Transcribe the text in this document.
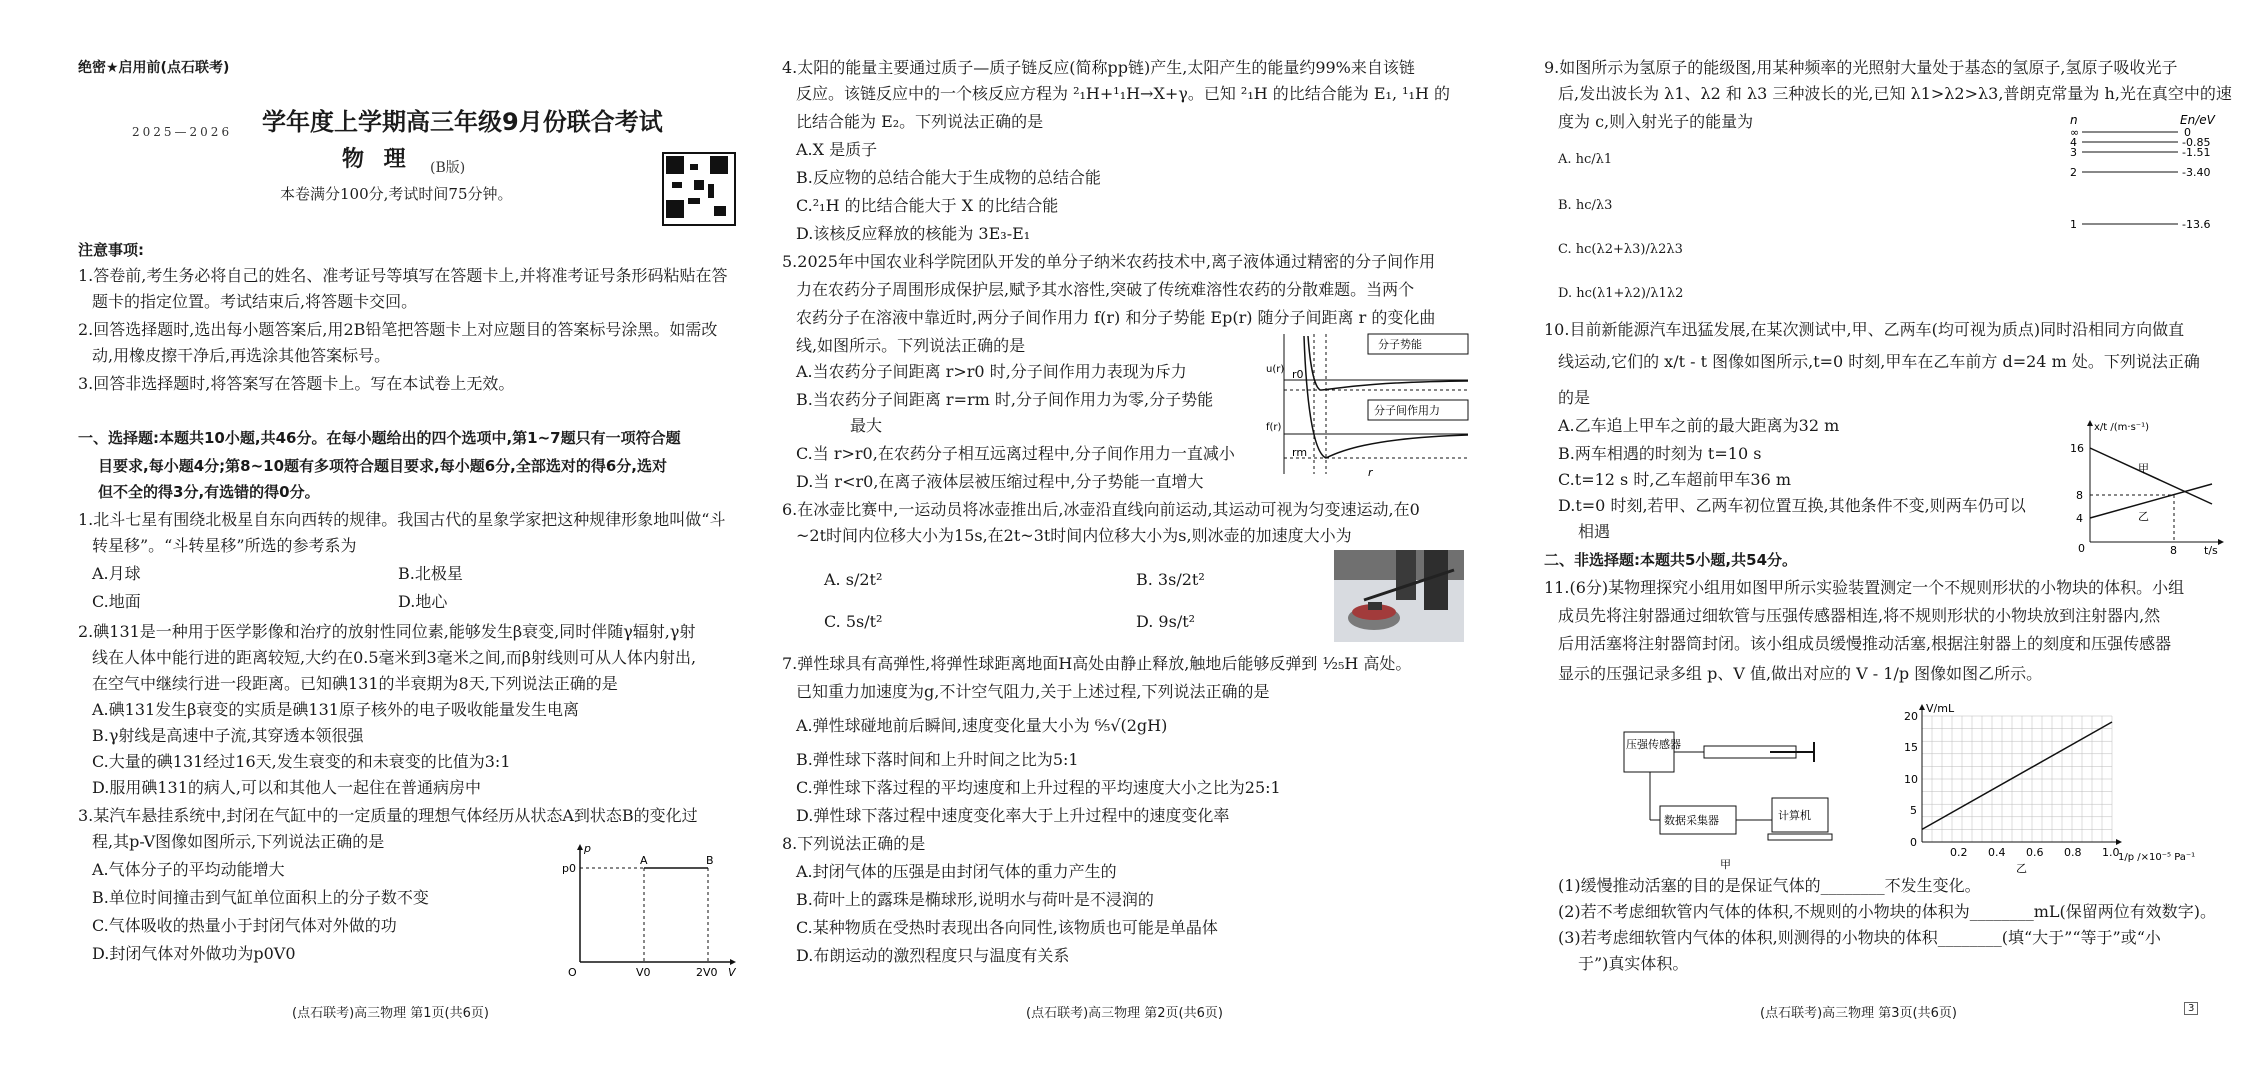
绝密★启用前(点石联考)
2025—2026 学年度上学期高三年级9月份联合考试
物 理 (B版)
本卷满分100分,考试时间75分钟。
注意事项:
1.答卷前,考生务必将自己的姓名、准考证号等填写在答题卡上,并将准考证号条形码粘贴在答
题卡的指定位置。考试结束后,将答题卡交回。
2.回答选择题时,选出每小题答案后,用2B铅笔把答题卡上对应题目的答案标号涂黑。如需改
动,用橡皮擦干净后,再选涂其他答案标号。
3.回答非选择题时,将答案写在答题卡上。写在本试卷上无效。
一、选择题:本题共10小题,共46分。在每小题给出的四个选项中,第1~7题只有一项符合题
目要求,每小题4分;第8~10题有多项符合题目要求,每小题6分,全部选对的得6分,选对
但不全的得3分,有选错的得0分。
1.北斗七星有围绕北极星自东向西转的规律。我国古代的星象学家把这种规律形象地叫做“斗
转星移”。“斗转星移”所选的参考系为
A.月球	B.北极星
C.地面	D.地心
2.碘131是一种用于医学影像和治疗的放射性同位素,能够发生β衰变,同时伴随γ辐射,γ射
线在人体中能行进的距离较短,大约在0.5毫米到3毫米之间,而β射线则可从人体内射出,
在空气中继续行进一段距离。已知碘131的半衰期为8天,下列说法正确的是
A.碘131发生β衰变的实质是碘131原子核外的电子吸收能量发生电离
B.γ射线是高速中子流,其穿透本领很强
C.大量的碘131经过16天,发生衰变的和未衰变的比值为3:1
D.服用碘131的病人,可以和其他人一起住在普通病房中
3.某汽车悬挂系统中,封闭在气缸中的一定质量的理想气体经历从状态A到状态B的变化过
程,其p-V图像如图所示,下列说法正确的是
A.气体分子的平均动能增大
B.单位时间撞击到气缸单位面积上的分子数不变
C.气体吸收的热量小于封闭气体对外做的功
D.封闭气体对外做功为p0V0
p
V
p0
V0	2V0
A	B
O
(点石联考)高三物理 第1页(共6页)
4.太阳的能量主要通过质子—质子链反应(简称pp链)产生,太阳产生的能量约99%来自该链
反应。该链反应中的一个核反应方程为 ²₁H+¹₁H→X+γ。已知 ²₁H 的比结合能为 E₁, ¹₁H 的
比结合能为 E₂。下列说法正确的是
A.X 是质子
B.反应物的总结合能大于生成物的总结合能
C.²₁H 的比结合能大于 X 的比结合能
D.该核反应释放的核能为 3E₃-E₁
5.2025年中国农业科学院团队开发的单分子纳米农药技术中,离子液体通过精密的分子间作用
力在农药分子周围形成保护层,赋予其水溶性,突破了传统难溶性农药的分散难题。当两个
农药分子在溶液中靠近时,两分子间作用力 f(r) 和分子势能 Ep(r) 随分子间距离 r 的变化曲
线,如图所示。下列说法正确的是
A.当农药分子间距离 r>r0 时,分子间作用力表现为斥力
B.当农药分子间距离 r=rm 时,分子间作用力为零,分子势能
最大
C.当 r>r0,在农药分子相互远离过程中,分子间作用力一直减小
D.当 r<r0,在离子液体层被压缩过程中,分子势能一直增大
分子势能
分子间作用力
r0
rm
r
u(r)
f(r)
6.在冰壶比赛中,一运动员将冰壶推出后,冰壶沿直线向前运动,其运动可视为匀变速运动,在0
~2t时间内位移大小为15s,在2t~3t时间内位移大小为s,则冰壶的加速度大小为
A. s/2t²	B. 3s/2t²
C. 5s/t²	D. 9s/t²
7.弹性球具有高弹性,将弹性球距离地面H高处由静止释放,触地后能够反弹到 ¹⁄₂₅H 高处。
已知重力加速度为g,不计空气阻力,关于上述过程,下列说法正确的是
A.弹性球碰地前后瞬间,速度变化量大小为 ⁶⁄₅√(2gH)
B.弹性球下落时间和上升时间之比为5:1
C.弹性球下落过程的平均速度和上升过程的平均速度大小之比为25:1
D.弹性球下落过程中速度变化率大于上升过程中的速度变化率
8.下列说法正确的是
A.封闭气体的压强是由封闭气体的重力产生的
B.荷叶上的露珠是椭球形,说明水与荷叶是不浸润的
C.某种物质在受热时表现出各向同性,该物质也可能是单晶体
D.布朗运动的激烈程度只与温度有关系
(点石联考)高三物理 第2页(共6页)
9.如图所示为氢原子的能级图,用某种频率的光照射大量处于基态的氢原子,氢原子吸收光子
后,发出波长为 λ1、λ2 和 λ3 三种波长的光,已知 λ1>λ2>λ3,普朗克常量为 h,光在真空中的速
度为 c,则入射光子的能量为
A. hc/λ1
B. hc/λ3
C. hc(λ2+λ3)/λ2λ3
D. hc(λ1+λ2)/λ1λ2
n	En/eV
∞	0
4	-0.85
3	-1.51
2	-3.40
1	-13.6
10.目前新能源汽车迅猛发展,在某次测试中,甲、乙两车(均可视为质点)同时沿相同方向做直
线运动,它们的 x/t - t 图像如图所示,t=0 时刻,甲车在乙车前方 d=24 m 处。下列说法正确
的是
A.乙车追上甲车之前的最大距离为32 m
B.两车相遇的时刻为 t=10 s
C.t=12 s 时,乙车超前甲车36 m
D.t=0 时刻,若甲、乙两车初位置互换,其他条件不变,则两车仍可以
相遇
x/t /(m·s⁻¹)
16
8
4
8 t/s
0
甲
乙
二、非选择题:本题共5小题,共54分。
11.(6分)某物理探究小组用如图甲所示实验装置测定一个不规则形状的小物块的体积。小组
成员先将注射器通过细软管与压强传感器相连,将不规则形状的小物块放到注射器内,然
后用活塞将注射器筒封闭。该小组成员缓慢推动活塞,根据注射器上的刻度和压强传感器
显示的压强记录多组 p、V 值,做出对应的 V - 1/p 图像如图乙所示。
压强传感器
数据采集器	计算机
甲
V/mL
1/p /×10⁻⁵ Pa⁻¹
20
15
10
5
0
0.2 0.4 0.6 0.8 1.0
乙
(1)缓慢推动活塞的目的是保证气体的________不发生变化。
(2)若不考虑细软管内气体的体积,不规则的小物块的体积为________mL(保留两位有效数字)。
(3)若考虑细软管内气体的体积,则测得的小物块的体积________(填“大于”“等于”或“小
于”)真实体积。
(点石联考)高三物理 第3页(共6页)	3
